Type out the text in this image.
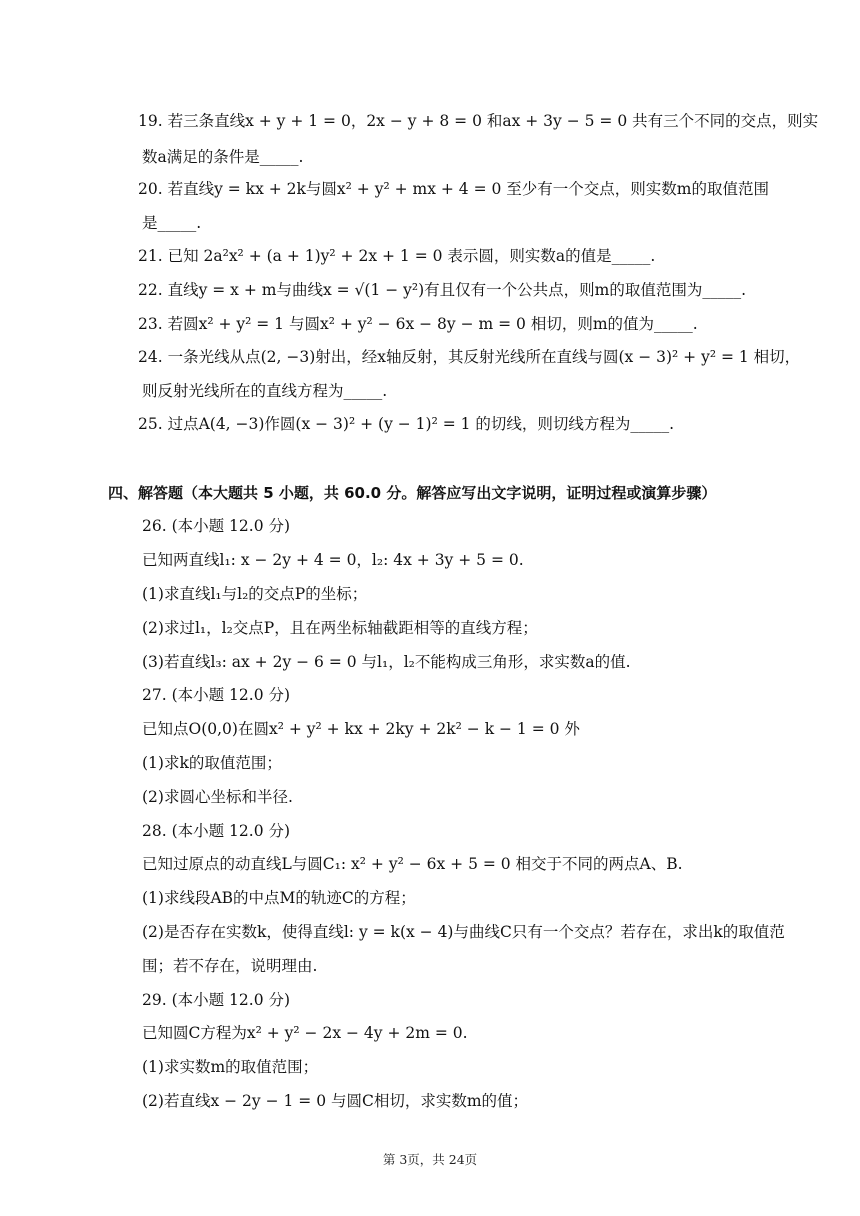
19. 若三条直线x + y + 1 = 0，2x − y + 8 = 0 和ax + 3y − 5 = 0 共有三个不同的交点，则实
数a满足的条件是_____.
20. 若直线y = kx + 2k与圆x² + y² + mx + 4 = 0 至少有一个交点，则实数m的取值范围
是_____.
21. 已知 2a²x² + (a + 1)y² + 2x + 1 = 0 表示圆，则实数a的值是_____.
22. 直线y = x + m与曲线x = √(1 − y²)有且仅有一个公共点，则m的取值范围为_____.
23. 若圆x² + y² = 1 与圆x² + y² − 6x − 8y − m = 0 相切，则m的值为_____.
24. 一条光线从点(2, −3)射出，经x轴反射，其反射光线所在直线与圆(x − 3)² + y² = 1 相切，
则反射光线所在的直线方程为_____.
25. 过点A(4, −3)作圆(x − 3)² + (y − 1)² = 1 的切线，则切线方程为_____.
四、解答题（本大题共 5 小题，共 60.0 分。解答应写出文字说明，证明过程或演算步骤）
26. (本小题 12.0 分)
已知两直线l₁: x − 2y + 4 = 0，l₂: 4x + 3y + 5 = 0.
(1)求直线l₁与l₂的交点P的坐标；
(2)求过l₁，l₂交点P，且在两坐标轴截距相等的直线方程；
(3)若直线l₃: ax + 2y − 6 = 0 与l₁，l₂不能构成三角形，求实数a的值.
27. (本小题 12.0 分)
已知点O(0,0)在圆x² + y² + kx + 2ky + 2k² − k − 1 = 0 外
(1)求k的取值范围；
(2)求圆心坐标和半径.
28. (本小题 12.0 分)
已知过原点的动直线L与圆C₁: x² + y² − 6x + 5 = 0 相交于不同的两点A、B.
(1)求线段AB的中点M的轨迹C的方程；
(2)是否存在实数k，使得直线l: y = k(x − 4)与曲线C只有一个交点？若存在，求出k的取值范
围；若不存在，说明理由.
29. (本小题 12.0 分)
已知圆C方程为x² + y² − 2x − 4y + 2m = 0.
(1)求实数m的取值范围；
(2)若直线x − 2y − 1 = 0 与圆C相切，求实数m的值；
第 3页，共 24页
